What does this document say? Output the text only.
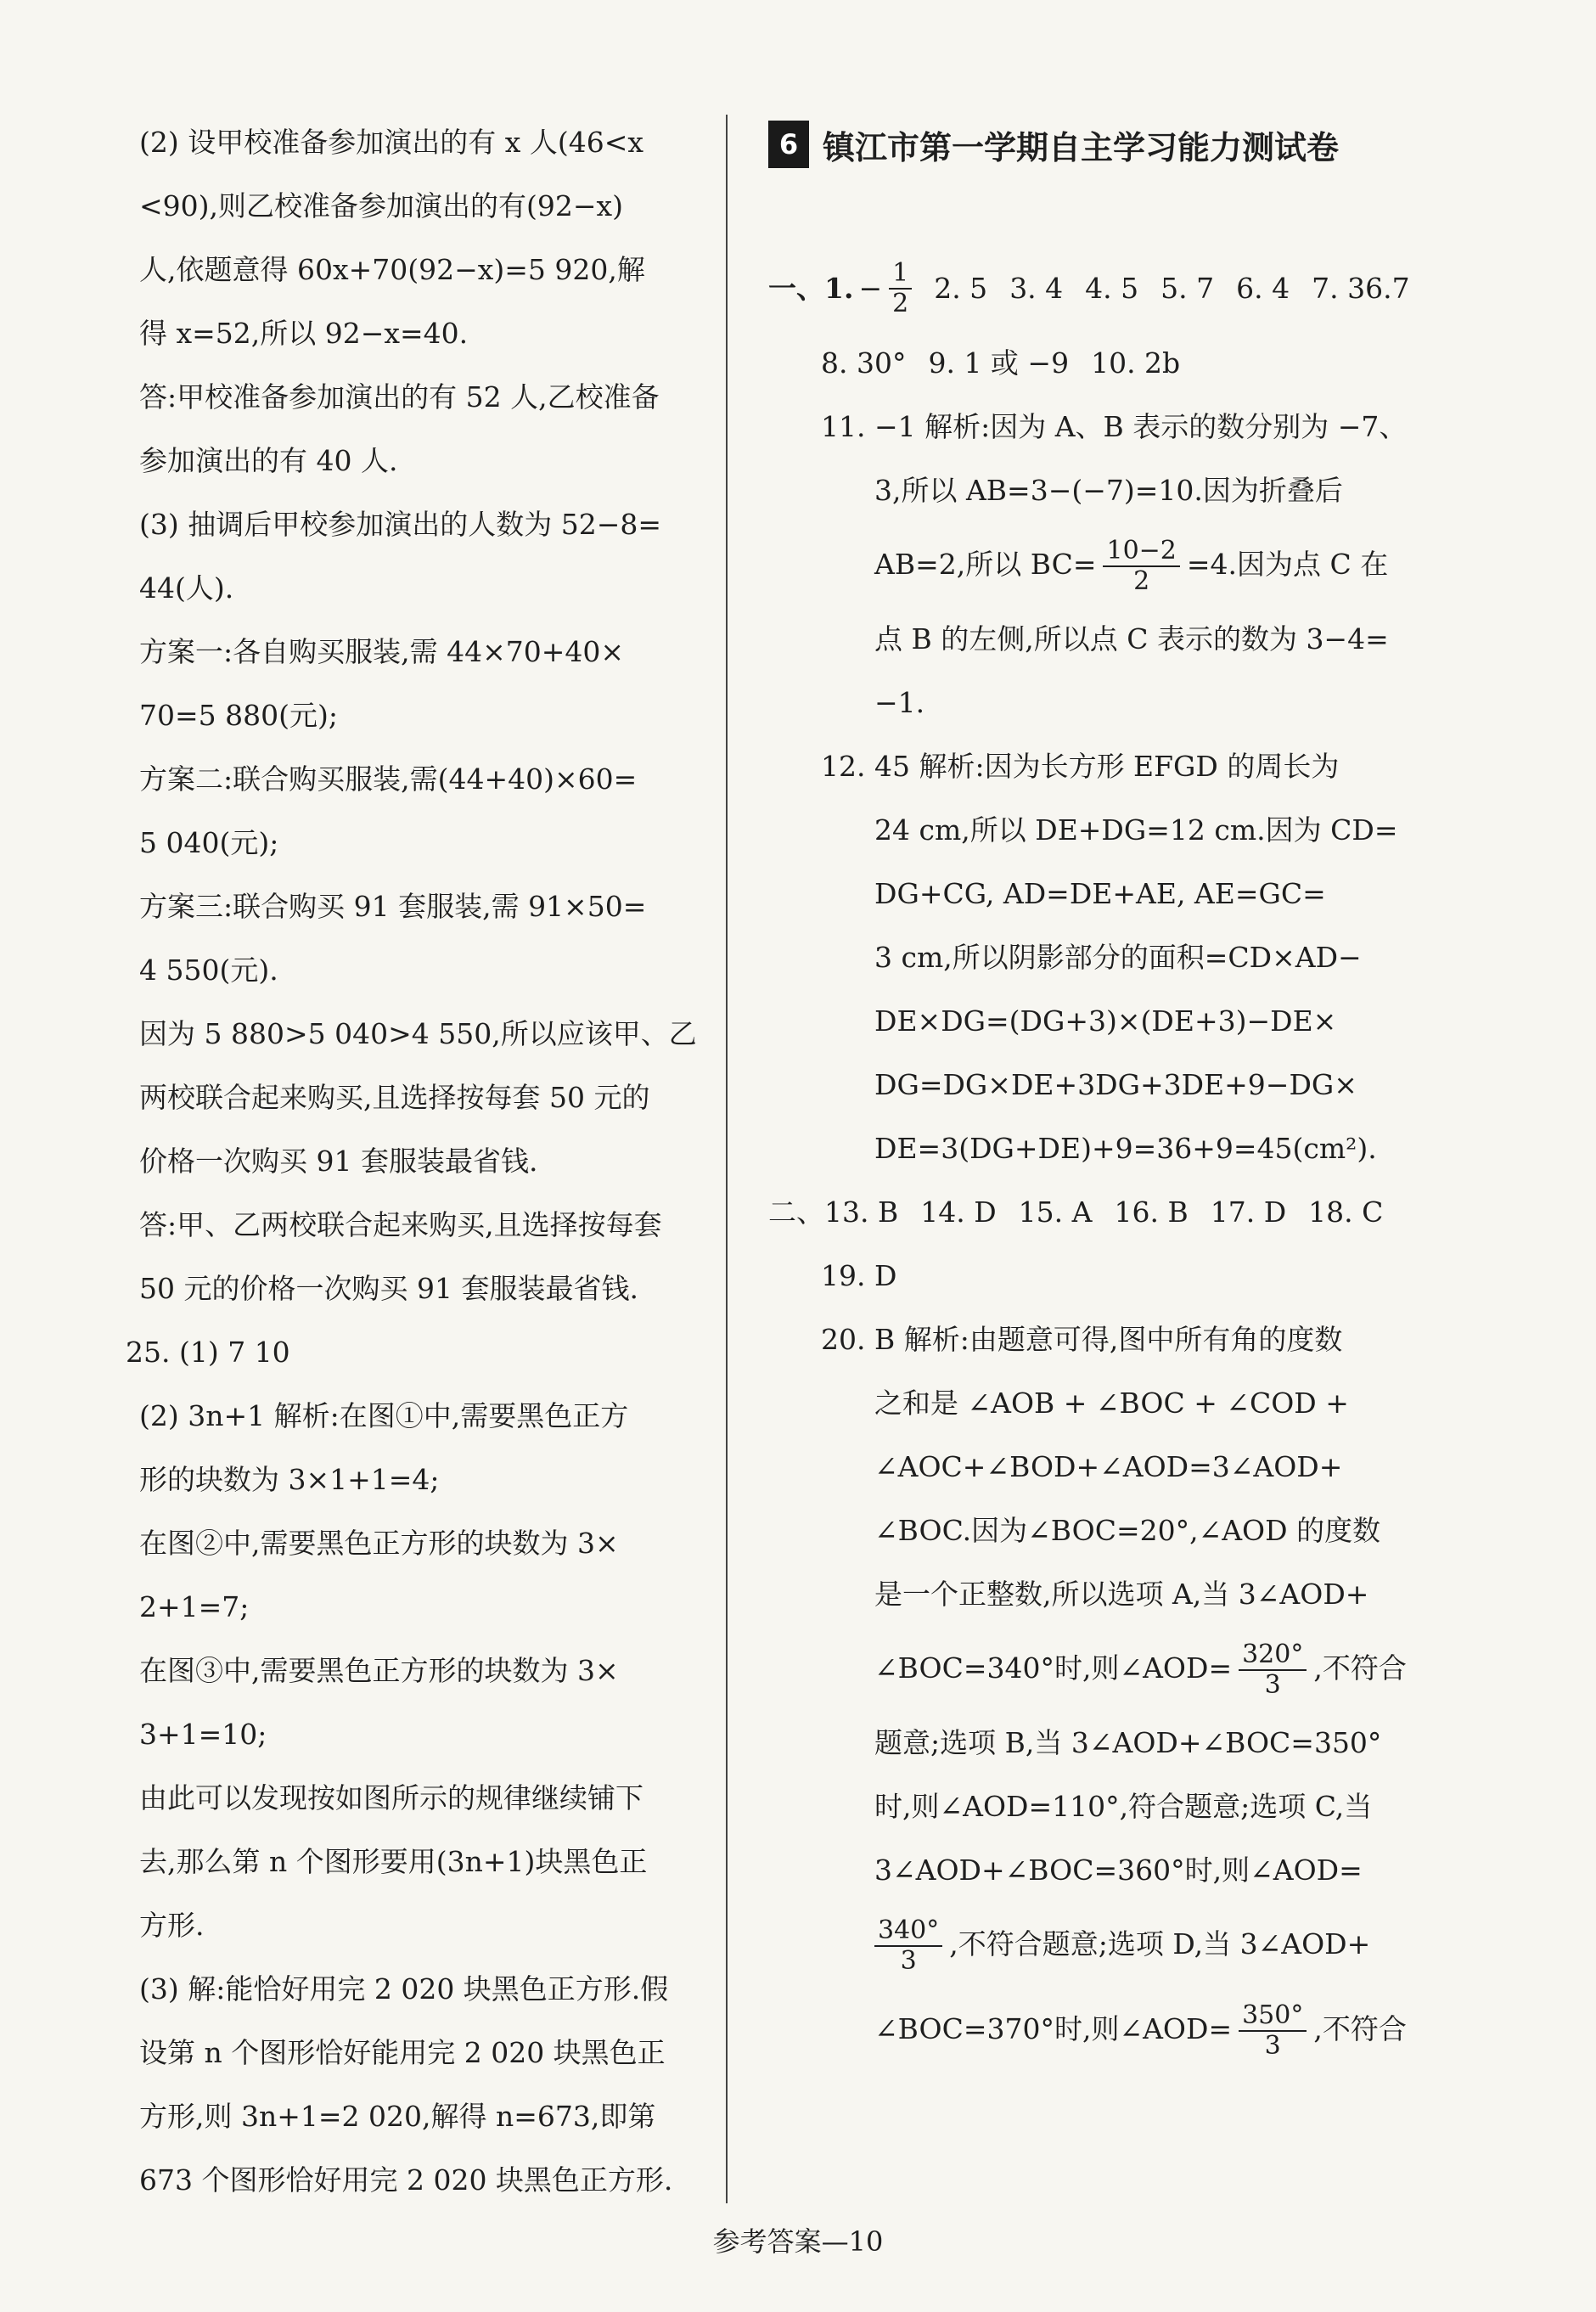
(2) 设甲校准备参加演出的有 x 人(46<x
<90),则乙校准备参加演出的有(92−x)
人,依题意得 60x+70(92−x)=5 920,解
得 x=52,所以 92−x=40.
答:甲校准备参加演出的有 52 人,乙校准备
参加演出的有 40 人.
(3) 抽调后甲校参加演出的人数为 52−8=
44(人).
方案一:各自购买服装,需 44×70+40×
70=5 880(元);
方案二:联合购买服装,需(44+40)×60=
5 040(元);
方案三:联合购买 91 套服装,需 91×50=
4 550(元).
因为 5 880>5 040>4 550,所以应该甲、乙
两校联合起来购买,且选择按每套 50 元的
价格一次购买 91 套服装最省钱.
答:甲、乙两校联合起来购买,且选择按每套
50 元的价格一次购买 91 套服装最省钱.
25. (1) 7 10
(2) 3n+1 解析:在图①中,需要黑色正方
形的块数为 3×1+1=4;
在图②中,需要黑色正方形的块数为 3×
2+1=7;
在图③中,需要黑色正方形的块数为 3×
3+1=10;
由此可以发现按如图所示的规律继续铺下
去,那么第 n 个图形要用(3n+1)块黑色正
方形.
(3) 解:能恰好用完 2 020 块黑色正方形.假
设第 n 个图形恰好能用完 2 020 块黑色正
方形,则 3n+1=2 020,解得 n=673,即第
673 个图形恰好用完 2 020 块黑色正方形.
6 镇江市第一学期自主学习能力测试卷
一、1. − $\frac{1}{2} 2$. 5 3. 4 4. 5 5. 7 6. 4 7. 36.7
8. 30° 9. 1 或 −9 10. 2b
11. −1 解析:因为 A、B 表示的数分别为 −7、
3,所以 AB=3−(−7)=10.因为折叠后
AB=2,所以 $BC= \frac{10-2}{2} =4$.因为点 C 在
点 B 的左侧,所以点 C 表示的数为 3−4=
−1.
12. 45 解析:因为长方形 EFGD 的周长为
24 cm,所以 DE+DG=12 cm.因为 CD=
DG+CG, AD=DE+AE, AE=GC=
3 cm,所以阴影部分的面积=CD×AD−
DE×DG=(DG+3)×(DE+3)−DE×
DG=DG×DE+3DG+3DE+9−DG×
DE=3(DG+DE)+9=36+9=45(cm²).
二、13. B 14. D 15. A 16. B 17. D 18. C
19. D
20. B 解析:由题意可得,图中所有角的度数
之和是 ∠AOB + ∠BOC + ∠COD +
∠AOC+∠BOD+∠AOD=3∠AOD+
∠BOC.因为∠BOC=20°,∠AOD 的度数
是一个正整数,所以选项 A,当 3∠AOD+
∠BOC=340°时,则∠AOD= $\frac{320^\circ}{3}$ ,不符合
题意;选项 B,当 3∠AOD+∠BOC=350°
时,则∠AOD=110°,符合题意;选项 C,当
3∠AOD+∠BOC=360°时,则∠AOD=
$\frac{340^\circ}{3}$ ,不符合题意;选项 D,当 3∠AOD+
∠BOC=370°时,则∠AOD= $\frac{350^\circ}{3}$ ,不符合
参考答案—10
